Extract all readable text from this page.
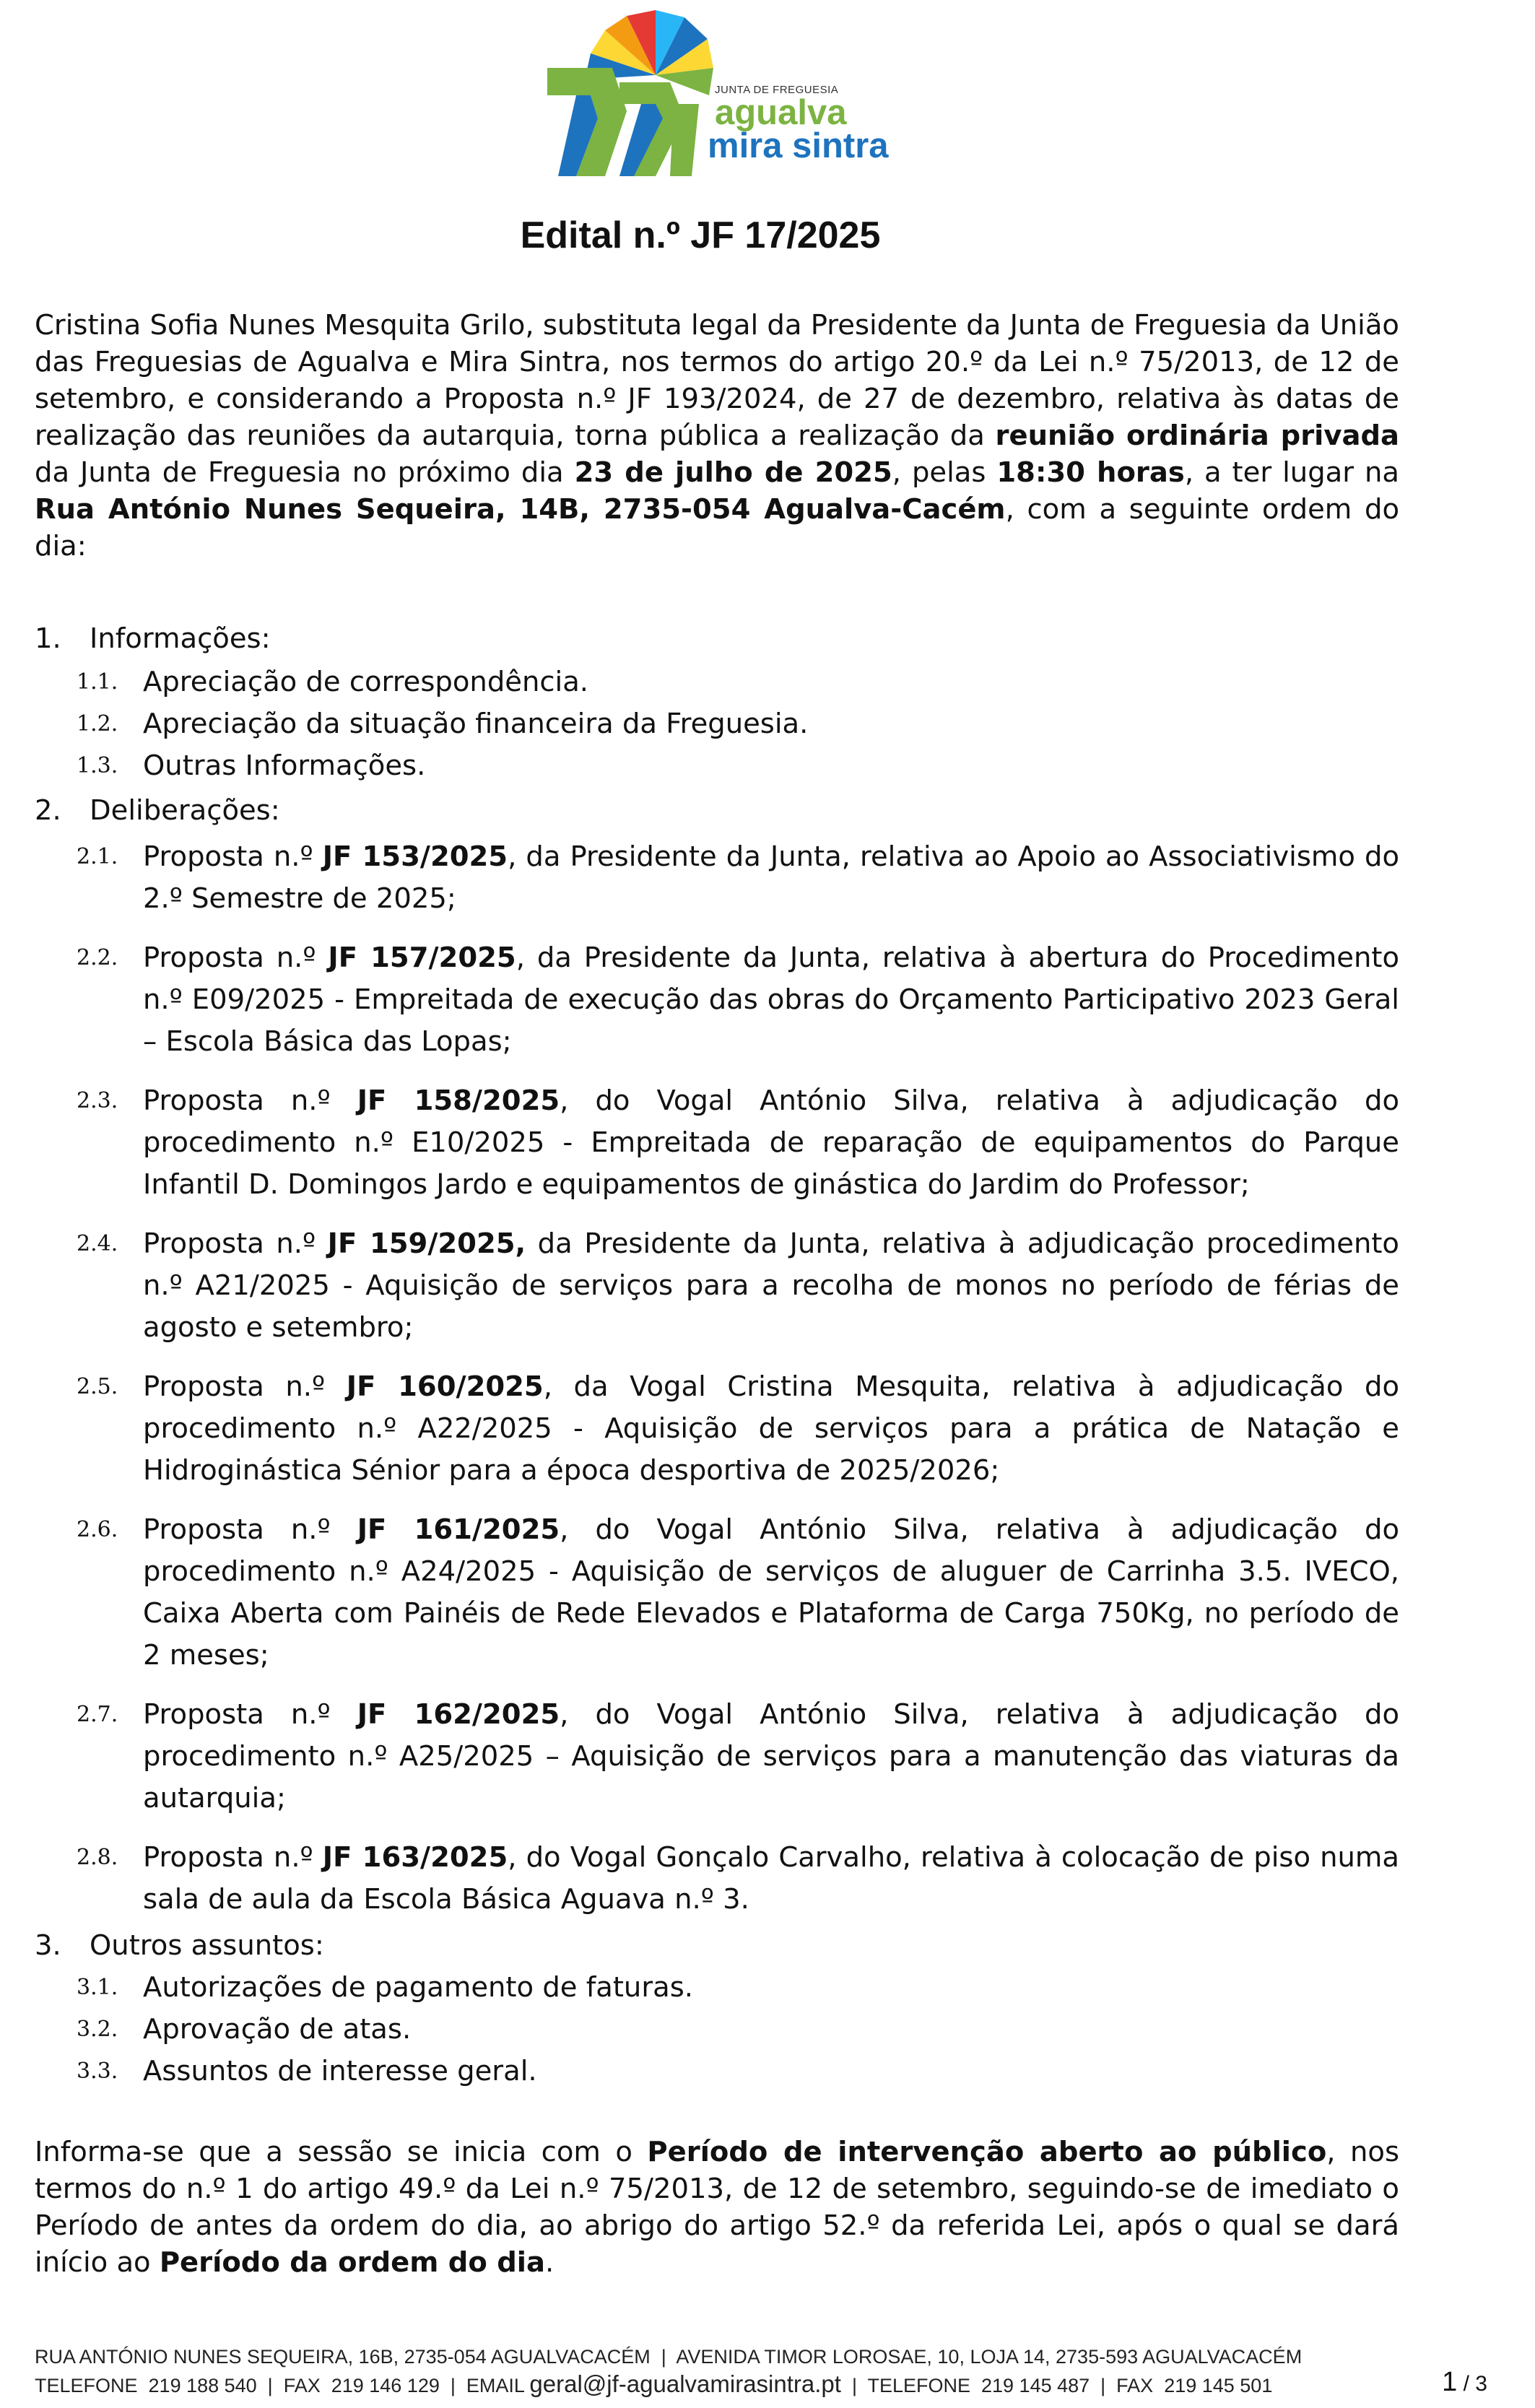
JUNTA DE FREGUESIA
agualva
mira sintra
Edital n.º JF 17/2025
Cristina Sofia Nunes Mesquita Grilo, substituta legal da Presidente da Junta de Freguesia da União das Freguesias de Agualva e Mira Sintra, nos termos do artigo 20.º da Lei n.º 75/2013, de 12 de setembro, e considerando a Proposta n.º JF 193/2024, de 27 de dezembro, relativa às datas de realização das reuniões da autarquia, torna pública a realização da reunião ordinária privada da Junta de Freguesia no próximo dia 23 de julho de 2025, pelas 18:30 horas, a ter lugar na Rua António Nunes Sequeira, 14B, 2735-054 Agualva-Cacém, com a seguinte ordem do dia:
1. Informações:
1.1. Apreciação de correspondência.
1.2. Apreciação da situação financeira da Freguesia.
1.3. Outras Informações.
2. Deliberações:
2.1. Proposta n.º JF 153/2025, da Presidente da Junta, relativa ao Apoio ao Associativismo do 2.º Semestre de 2025;
2.2. Proposta n.º JF 157/2025, da Presidente da Junta, relativa à abertura do Procedimento n.º E09/2025 - Empreitada de execução das obras do Orçamento Participativo 2023 Geral – Escola Básica das Lopas;
2.3. Proposta n.º JF 158/2025, do Vogal António Silva, relativa à adjudicação do procedimento n.º E10/2025 - Empreitada de reparação de equipamentos do Parque Infantil D. Domingos Jardo e equipamentos de ginástica do Jardim do Professor;
2.4. Proposta n.º JF 159/2025, da Presidente da Junta, relativa à adjudicação procedimento n.º A21/2025 - Aquisição de serviços para a recolha de monos no período de férias de agosto e setembro;
2.5. Proposta n.º JF 160/2025, da Vogal Cristina Mesquita, relativa à adjudicação do procedimento n.º A22/2025 - Aquisição de serviços para a prática de Natação e Hidroginástica Sénior para a época desportiva de 2025/2026;
2.6. Proposta n.º JF 161/2025, do Vogal António Silva, relativa à adjudicação do procedimento n.º A24/2025 - Aquisição de serviços de aluguer de Carrinha 3.5. IVECO, Caixa Aberta com Painéis de Rede Elevados e Plataforma de Carga 750Kg, no período de 2 meses;
2.7. Proposta n.º JF 162/2025, do Vogal António Silva, relativa à adjudicação do procedimento n.º A25/2025 – Aquisição de serviços para a manutenção das viaturas da autarquia;
2.8. Proposta n.º JF 163/2025, do Vogal Gonçalo Carvalho, relativa à colocação de piso numa sala de aula da Escola Básica Aguava n.º 3.
3. Outros assuntos:
3.1. Autorizações de pagamento de faturas.
3.2. Aprovação de atas.
3.3. Assuntos de interesse geral.
Informa-se que a sessão se inicia com o Período de intervenção aberto ao público, nos termos do n.º 1 do artigo 49.º da Lei n.º 75/2013, de 12 de setembro, seguindo-se de imediato o Período de antes da ordem do dia, ao abrigo do artigo 52.º da referida Lei, após o qual se dará início ao Período da ordem do dia.
RUA ANTÓNIO NUNES SEQUEIRA, 16B, 2735-054 AGUALVACACÉM  |  AVENIDA TIMOR LOROSAE, 10, LOJA 14, 2735-593 AGUALVACACÉM
TELEFONE  219 188 540  |  FAX  219 146 129  |  EMAIL geral@jf-agualvamirasintra.pt  |  TELEFONE  219 145 487  |  FAX  219 145 501	1 / 3
